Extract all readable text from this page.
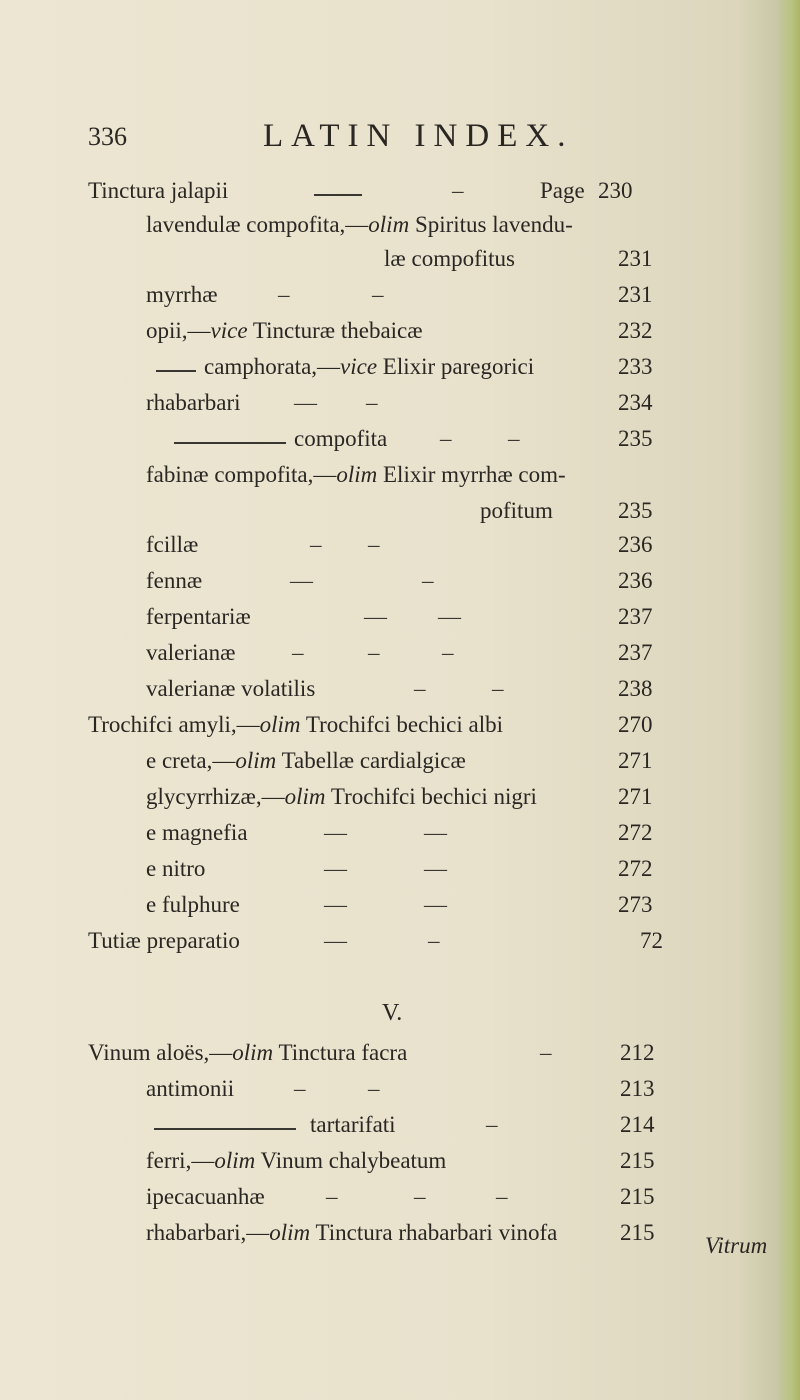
336	LATIN INDEX.
Tinctura jalapii	–	Page 230
lavendulæ compofita,—olim Spiritus lavendu-
læ compofitus	231
myrrhæ	–	–	231
opii,—vice Tincturæ thebaicæ	232
camphorata,—vice Elixir paregorici	233
rhabarbari — –	234
compofita – –	235
fabinæ compofita,—olim Elixir myrrhæ com-
pofitum	235
fcillæ	– –	236
fennæ	—	–	236
ferpentariæ	— —	237
valerianæ –	–	–	237
valerianæ volatilis	–	–	238
Trochifci amyli,—olim Trochifci bechici albi	270
e creta,—olim Tabellæ cardialgicæ	271
glycyrrhizæ,—olim Trochifci bechici nigri	271
e magnefia	—	—	272
e nitro	—	—	272
e fulphure	—	—	273
Tutiæ preparatio	—	–	72
V.
Vinum aloës,—olim Tinctura facra	–	212
antimonii	–	–	213
tartarifati	–	214
ferri,—olim Vinum chalybeatum	215
ipecacuanhæ	–	–	–	215
rhabarbari,—olim Tinctura rhabarbari vinofa	215
Vitrum
